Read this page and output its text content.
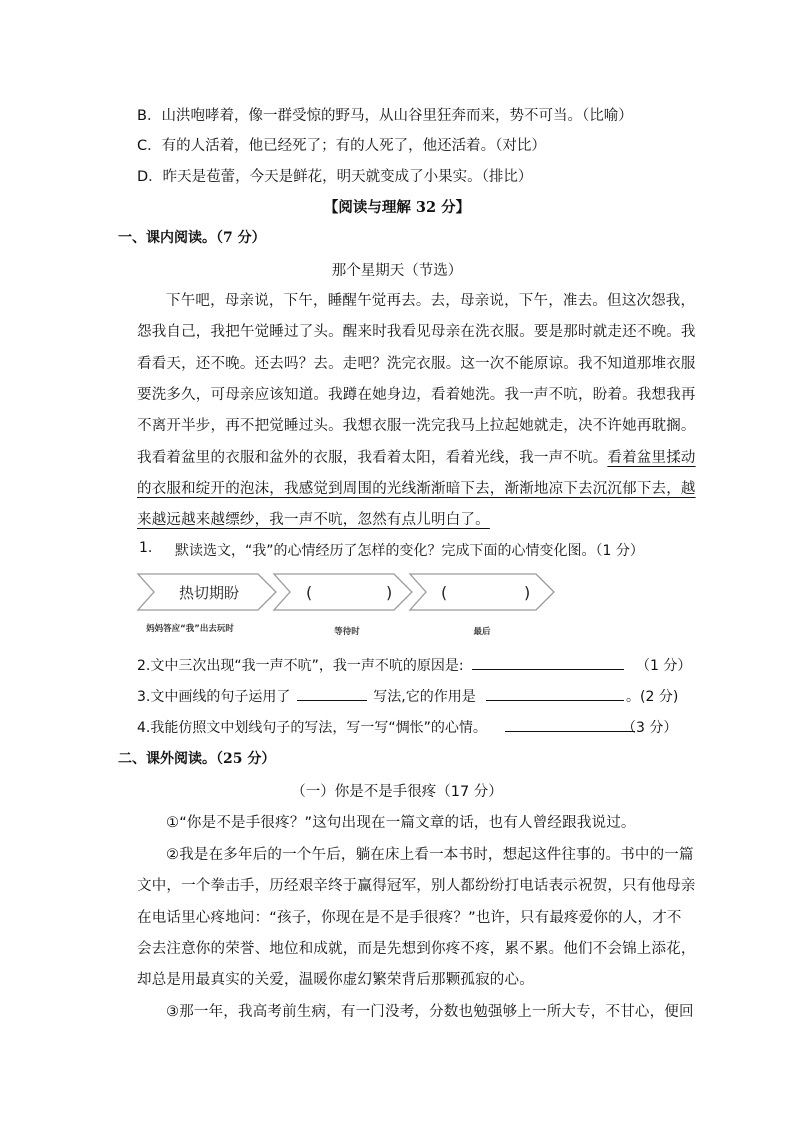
B．山洪咆哮着，像一群受惊的野马，从山谷里狂奔而来，势不可当。（比喻）
C．有的人活着，他已经死了；有的人死了，他还活着。（对比）
D．昨天是苞蕾，今天是鲜花，明天就变成了小果实。（排比）
【阅读与理解 32 分】
一、课内阅读。（7 分）
那个星期天（节选）
下午吧，母亲说，下午，睡醒午觉再去。去，母亲说，下午，准去。但这次怨我，
怨我自己，我把午觉睡过了头。醒来时我看见母亲在洗衣服。要是那时就走还不晚。我
看看天，还不晚。还去吗？去。走吧？洗完衣服。这一次不能原谅。我不知道那堆衣服
要洗多久，可母亲应该知道。我蹲在她身边，看着她洗。我一声不吭，盼着。我想我再
不离开半步，再不把觉睡过头。我想衣服一洗完我马上拉起她就走，决不许她再耽搁。
我看着盆里的衣服和盆外的衣服，我看着太阳，看着光线，我一声不吭。看着盆里揉动
的衣服和绽开的泡沫，我感觉到周围的光线渐渐暗下去，渐渐地凉下去沉沉郁下去，越
来越远越来越缥纱，我一声不吭，忽然有点儿明白了。
1. 默读选文，“我”的心情经历了怎样的变化？完成下面的心情变化图。（1 分）
热切期盼	(	)	(	)
妈妈答应“我”出去玩时	等待时	最后
2.文中三次出现“我一声不吭”，我一声不吭的原因是:	（1 分）
3.文中画线的句子运用了	写法,它的作用是	。(2 分)
4.我能仿照文中划线句子的写法，写一写“惆怅”的心情。	（3 分）
二、课外阅读。（25 分）
（一）你是不是手很疼（17 分）
①“你是不是手很疼？”这句出现在一篇文章的话，也有人曾经跟我说过。
②我是在多年后的一个午后，躺在床上看一本书时，想起这件往事的。书中的一篇
文中，一个拳击手，历经艰辛终于赢得冠军，别人都纷纷打电话表示祝贺，只有他母亲
在电话里心疼地问：“孩子，你现在是不是手很疼？”也许，只有最疼爱你的人，才不
会去注意你的荣誉、地位和成就，而是先想到你疼不疼，累不累。他们不会锦上添花，
却总是用最真实的关爱，温暖你虚幻繁荣背后那颗孤寂的心。
③那一年，我高考前生病，有一门没考，分数也勉强够上一所大专，不甘心，便回
